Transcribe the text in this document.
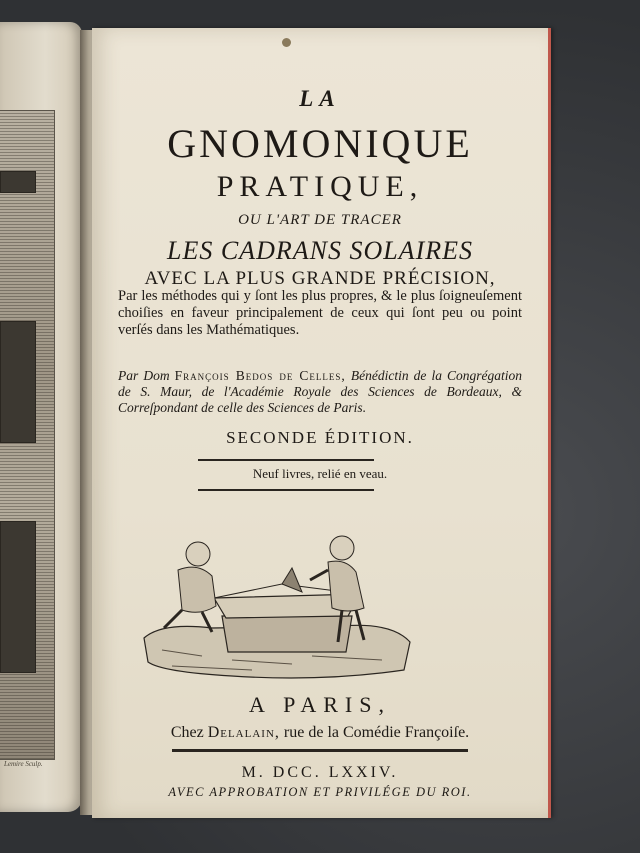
Lemire Sculp.
LA
GNOMONIQUE
PRATIQUE,
OU L'ART DE TRACER
LES CADRANS SOLAIRES
AVEC LA PLUS GRANDE PRÉCISION,
Par les méthodes qui y ſont les plus propres, & le plus ſoigneuſement choiſies en faveur principalement de ceux qui ſont peu ou point verſés dans les Mathématiques.
Par Dom François Bedos de Celles, Bénédictin de la Congrégation de S. Maur, de l'Académie Royale des Sciences de Bordeaux, & Correſpondant de celle des Sciences de Paris.
SECONDE ÉDITION.
Neuf livres, relié en veau.
A PARIS,
Chez Delalain, rue de la Comédie Françoiſe.
M. DCC. LXXIV.
AVEC APPROBATION ET PRIVILÉGE DU ROI.
